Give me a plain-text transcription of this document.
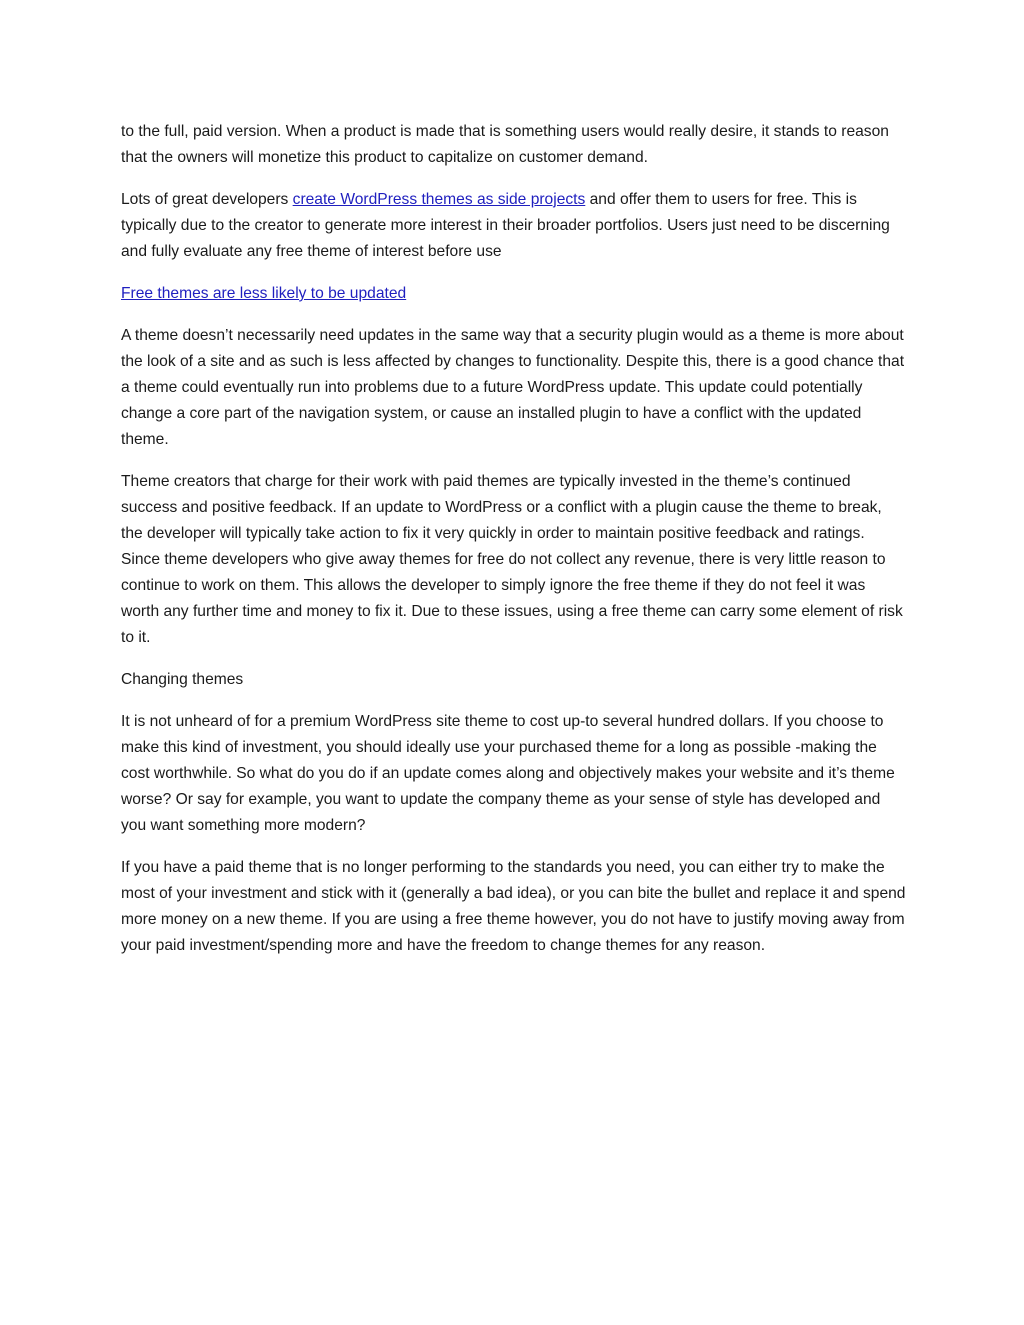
to the full, paid version. When a product is made that is something users would really desire, it stands to reason that the owners will monetize this product to capitalize on customer demand.

Lots of great developers create WordPress themes as side projects and offer them to users for free. This is typically due to the creator to generate more interest in their broader portfolios. Users just need to be discerning and fully evaluate any free theme of interest before use

Free themes are less likely to be updated

A theme doesn’t necessarily need updates in the same way that a security plugin would as a theme is more about the look of a site and as such is less affected by changes to functionality. Despite this, there is a good chance that a theme could eventually run into problems due to a future WordPress update. This update could potentially change a core part of the navigation system, or cause an installed plugin to have a conflict with the updated theme.

Theme creators that charge for their work with paid themes are typically invested in the theme’s continued success and positive feedback. If an update to WordPress or a conflict with a plugin cause the theme to break, the developer will typically take action to fix it very quickly in order to maintain positive feedback and ratings. Since theme developers who give away themes for free do not collect any revenue, there is very little reason to continue to work on them. This allows the developer to simply ignore the free theme if they do not feel it was worth any further time and money to fix it. Due to these issues, using a free theme can carry some element of risk to it.

Changing themes

It is not unheard of for a premium WordPress site theme to cost up-to several hundred dollars. If you choose to make this kind of investment, you should ideally use your purchased theme for a long as possible -making the cost worthwhile. So what do you do if an update comes along and objectively makes your website and it’s theme worse? Or say for example, you want to update the company theme as your sense of style has developed and you want something more modern?

If you have a paid theme that is no longer performing to the standards you need, you can either try to make the most of your investment and stick with it (generally a bad idea), or you can bite the bullet and replace it and spend more money on a new theme. If you are using a free theme however, you do not have to justify moving away from your paid investment/spending more and have the freedom to change themes for any reason.
